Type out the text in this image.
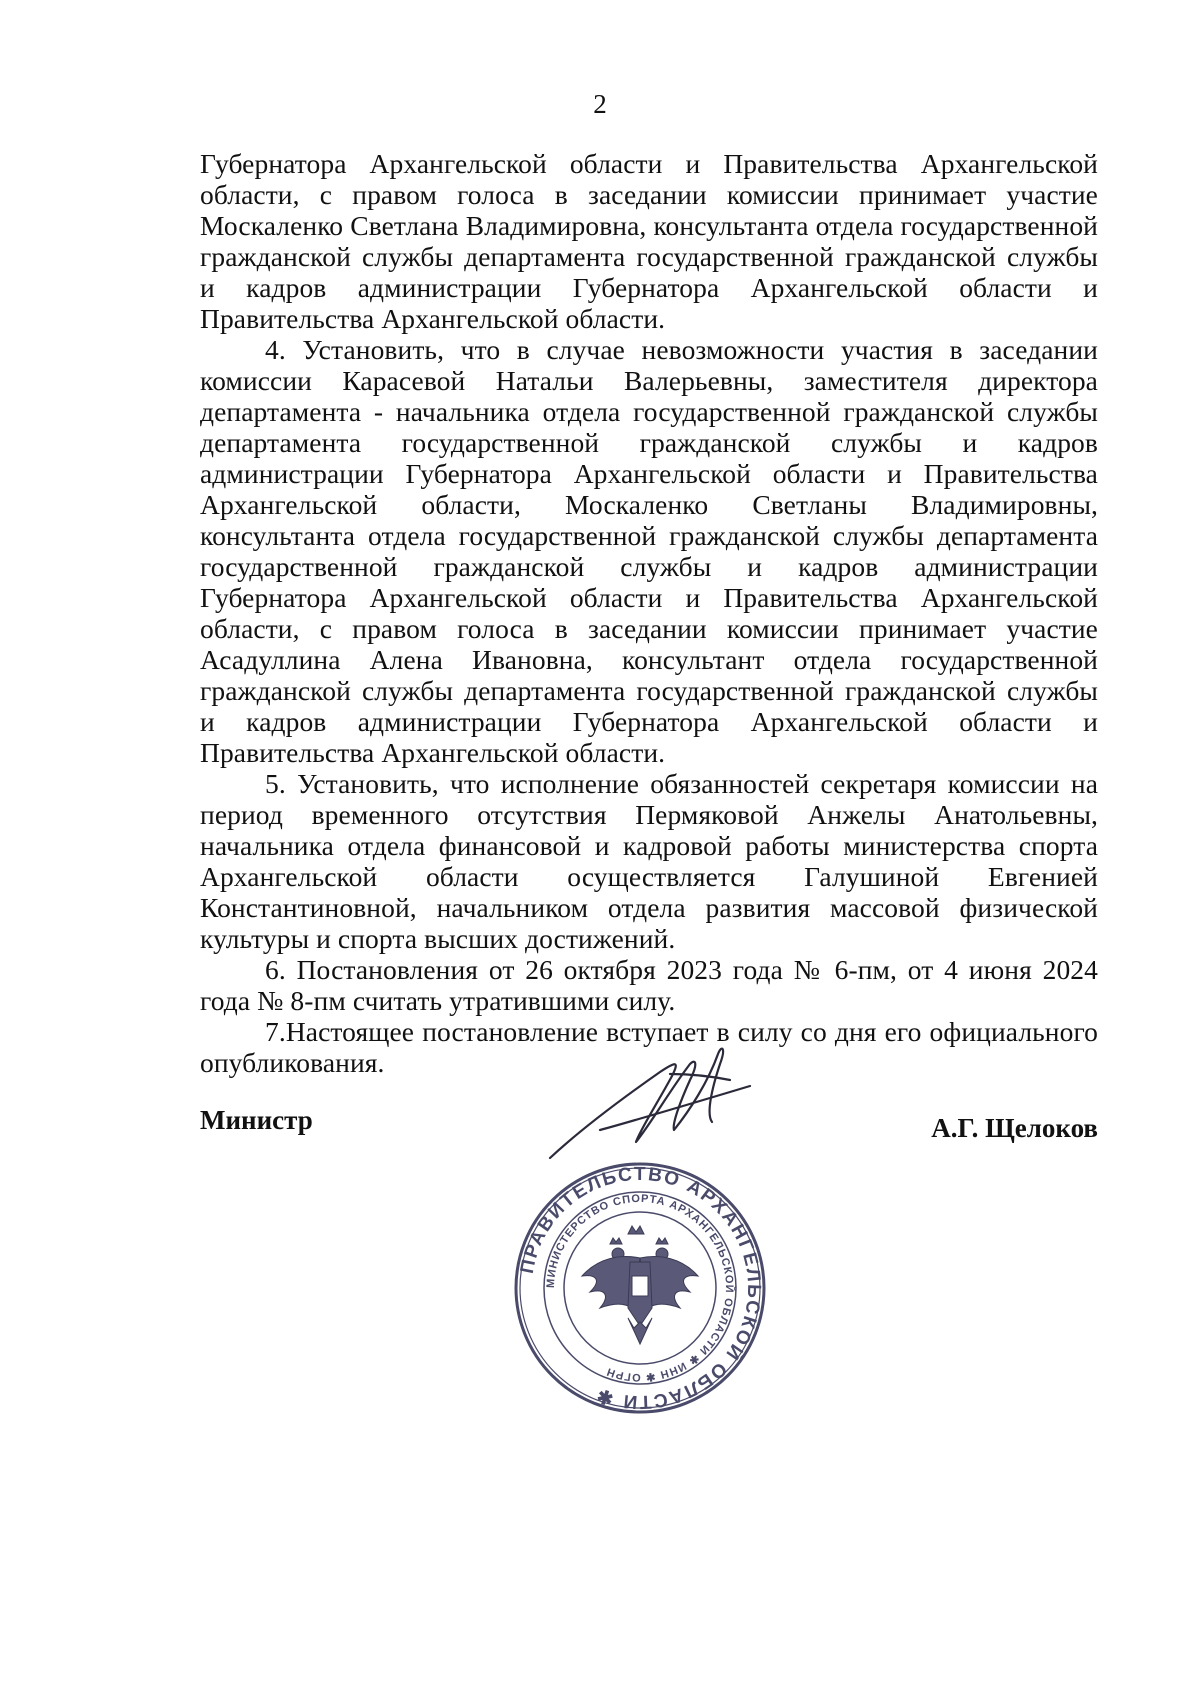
2

Губернатора Архангельской области и Правительства Архангельской области, с правом голоса в заседании комиссии принимает участие Москаленко Светлана Владимировна, консультанта отдела государственной гражданской службы департамента государственной гражданской службы и кадров администрации Губернатора Архангельской области и Правительства Архангельской области.

4. Установить, что в случае невозможности участия в заседании комиссии Карасевой Натальи Валерьевны, заместителя директора департамента - начальника отдела государственной гражданской службы департамента государственной гражданской службы и кадров администрации Губернатора Архангельской области и Правительства Архангельской области, Москаленко Светланы Владимировны, консультанта отдела государственной гражданской службы департамента государственной гражданской службы и кадров администрации Губернатора Архангельской области и Правительства Архангельской области, с правом голоса в заседании комиссии принимает участие Асадуллина Алена Ивановна, консультант отдела государственной гражданской службы департамента государственной гражданской службы и кадров администрации Губернатора Архангельской области и Правительства Архангельской области.

5. Установить, что исполнение обязанностей секретаря комиссии на период временного отсутствия Пермяковой Анжелы Анатольевны, начальника отдела финансовой и кадровой работы министерства спорта Архангельской области осуществляется Галушиной Евгенией Константиновной, начальником отдела развития массовой физической культуры и спорта высших достижений.

6. Постановления от 26 октября 2023 года № 6-пм, от 4 июня 2024 года № 8-пм считать утратившими силу.

7.Настоящее постановление вступает в силу со дня его официального опубликования.

Министр	А.Г. Щелоков
ПРАВИТЕЛЬСТВО АРХАНГЕЛЬСКОЙ ОБЛАСТИ ✱
МИНИСТЕРСТВО СПОРТА АРХАНГЕЛЬСКОЙ ОБЛАСТИ ✱ ИНН ✱ ОГРН
